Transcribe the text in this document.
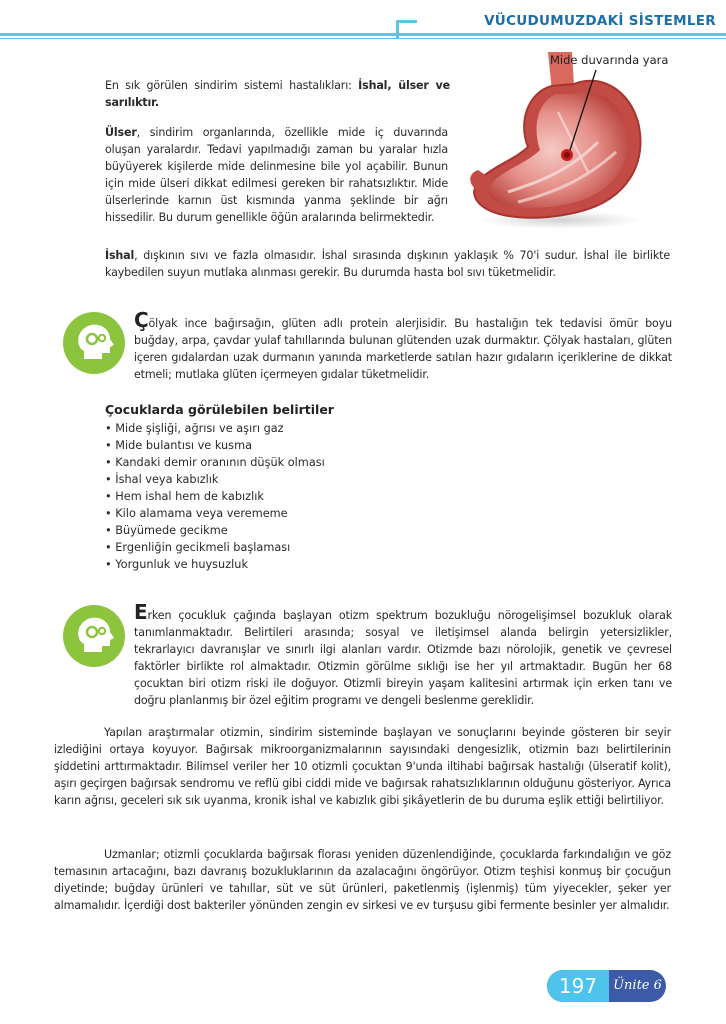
VÜCUDUMUZDAKİ SİSTEMLER
Mide duvarında yara

En sık görülen sindirim sistemi hastalıkları: İshal, ülser ve sarılıktır.

Ülser, sindirim organlarında, özellikle mide iç duvarında oluşan yaralardır. Tedavi yapılmadığı zaman bu yaralar hızla büyüyerek kişilerde mide delinmesine bile yol açabilir. Bunun için mide ülseri dikkat edilmesi gereken bir rahatsızlıktır. Mide ülserlerinde karnın üst kısmında yanma şeklinde bir ağrı hissedilir. Bu durum genellikle öğün aralarında belirmektedir.

İshal, dışkının sıvı ve fazla olmasıdır. İshal sırasında dışkının yaklaşık % 70'i sudur. İshal ile birlikte kaybedilen suyun mutlaka alınması gerekir. Bu durumda hasta bol sıvı tüketmelidir.

Çölyak ince bağırsağın, glüten adlı protein alerjisidir. Bu hastalığın tek tedavisi ömür boyu buğday, arpa, çavdar yulaf tahıllarında bulunan glütenden uzak durmaktır. Çölyak hastaları, glüten içeren gıdalardan uzak durmanın yanında marketlerde satılan hazır gıdaların içeriklerine de dikkat etmeli; mutlaka glüten içermeyen gıdalar tüketmelidir.

Çocuklarda görülebilen belirtiler
• Mide şişliği, ağrısı ve aşırı gaz
• Mide bulantısı ve kusma
• Kandaki demir oranının düşük olması
• İshal veya kabızlık
• Hem ishal hem de kabızlık
• Kilo alamama veya verememe
• Büyümede gecikme
• Ergenliğin gecikmeli başlaması
• Yorgunluk ve huysuzluk

Erken çocukluk çağında başlayan otizm spektrum bozukluğu nörogelişimsel bozukluk olarak tanımlanmaktadır. Belirtileri arasında; sosyal ve iletişimsel alanda belirgin yetersizlikler, tekrarlayıcı davranışlar ve sınırlı ilgi alanları vardır. Otizmde bazı nörolojik, genetik ve çevresel faktörler birlikte rol almaktadır. Otizmin görülme sıklığı ise her yıl artmaktadır. Bugün her 68 çocuktan biri otizm riski ile doğuyor. Otizmli bireyin yaşam kalitesini artırmak için erken tanı ve doğru planlanmış bir özel eğitim programı ve dengeli beslenme gereklidir.

Yapılan araştırmalar otizmin, sindirim sisteminde başlayan ve sonuçlarını beyinde gösteren bir seyir izlediğini ortaya koyuyor. Bağırsak mikroorganizmalarının sayısındaki dengesizlik, otizmin bazı belirtilerinin şiddetini arttırmaktadır. Bilimsel veriler her 10 otizmli çocuktan 9'unda iltihabi bağırsak hastalığı (ülseratif kolit), aşırı geçirgen bağırsak sendromu ve reflü gibi ciddi mide ve bağırsak rahatsızlıklarının olduğunu gösteriyor. Ayrıca karın ağrısı, geceleri sık sık uyanma, kronik ishal ve kabızlık gibi şikâyetlerin de bu duruma eşlik ettiği belirtiliyor.

Uzmanlar; otizmli çocuklarda bağırsak florası yeniden düzenlendiğinde, çocuklarda farkındalığın ve göz temasının artacağını, bazı davranış bozukluklarının da azalacağını öngörüyor. Otizm teşhisi konmuş bir çocuğun diyetinde; buğday ürünleri ve tahıllar, süt ve süt ürünleri, paketlenmiş (işlenmiş) tüm yiyecekler, şeker yer almamalıdır. İçerdiği dost bakteriler yönünden zengin ev sirkesi ve ev turşusu gibi fermente besinler yer almalıdır.

197	Ünite 6
